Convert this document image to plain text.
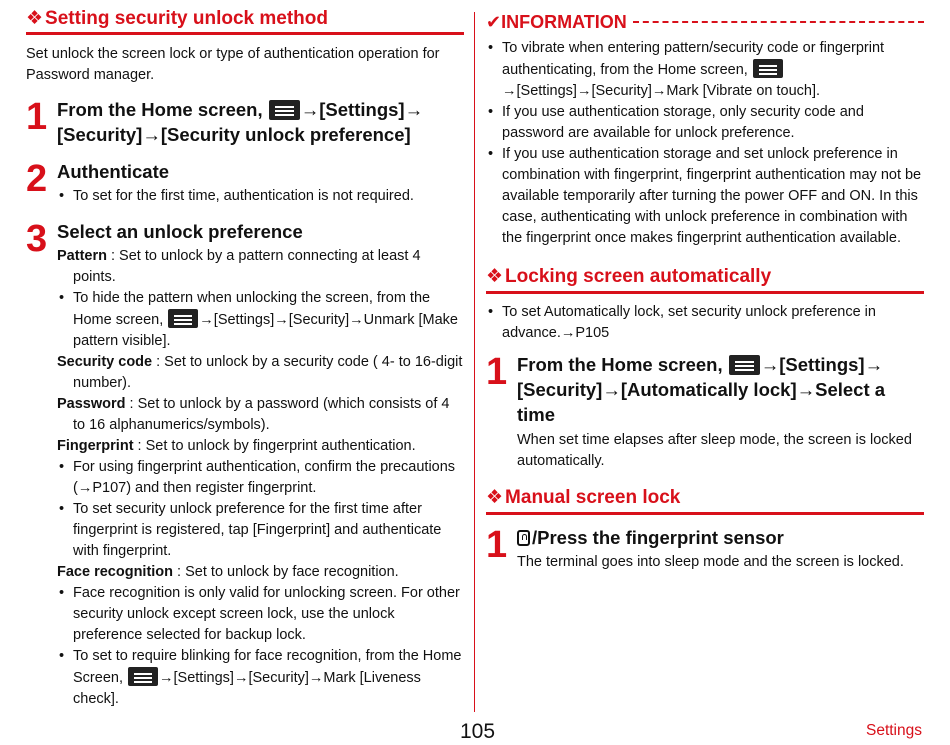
❖ Setting security unlock method
Set unlock the screen lock or type of authentication operation for Password manager.
1 From the Home screen, →[Settings]→
[Security]→[Security unlock preference]
2 Authenticate
• To set for the first time, authentication is not required.
3 Select an unlock preference
Pattern : Set to unlock by a pattern connecting at least 4 points.
• To hide the pattern when unlocking the screen, from the Home screen, →[Settings]→[Security]→Unmark [Make pattern visible].
Security code : Set to unlock by a security code ( 4- to 16-digit number).
Password : Set to unlock by a password (which consists of 4 to 16 alphanumerics/symbols).
Fingerprint : Set to unlock by fingerprint authentication.
• For using fingerprint authentication, confirm the precautions (→P107) and then register fingerprint.
• To set security unlock preference for the first time after fingerprint is registered, tap [Fingerprint] and authenticate with fingerprint.
Face recognition : Set to unlock by face recognition.
• Face recognition is only valid for unlocking screen. For other security unlock except screen lock, use the unlock preference selected for backup lock.
• To set to require blinking for face recognition, from the Home Screen, →[Settings]→[Security]→Mark [Liveness check].
✔ INFORMATION
• To vibrate when entering pattern/security code or fingerprint authenticating, from the Home screen, →[Settings]→[Security]→Mark [Vibrate on touch].
• If you use authentication storage, only security code and password are available for unlock preference.
• If you use authentication storage and set unlock preference in combination with fingerprint, fingerprint authentication may not be available temporarily after turning the power OFF and ON. In this case, authenticating with unlock preference in combination with the fingerprint once makes fingerprint authentication available.
❖ Locking screen automatically
• To set Automatically lock, set security unlock preference in advance.→P105
1 From the Home screen, →[Settings]→
[Security]→[Automatically lock]→Select a time
When set time elapses after sleep mode, the screen is locked automatically.
❖ Manual screen lock
1	/Press the fingerprint sensor
The terminal goes into sleep mode and the screen is locked.
105	Settings
